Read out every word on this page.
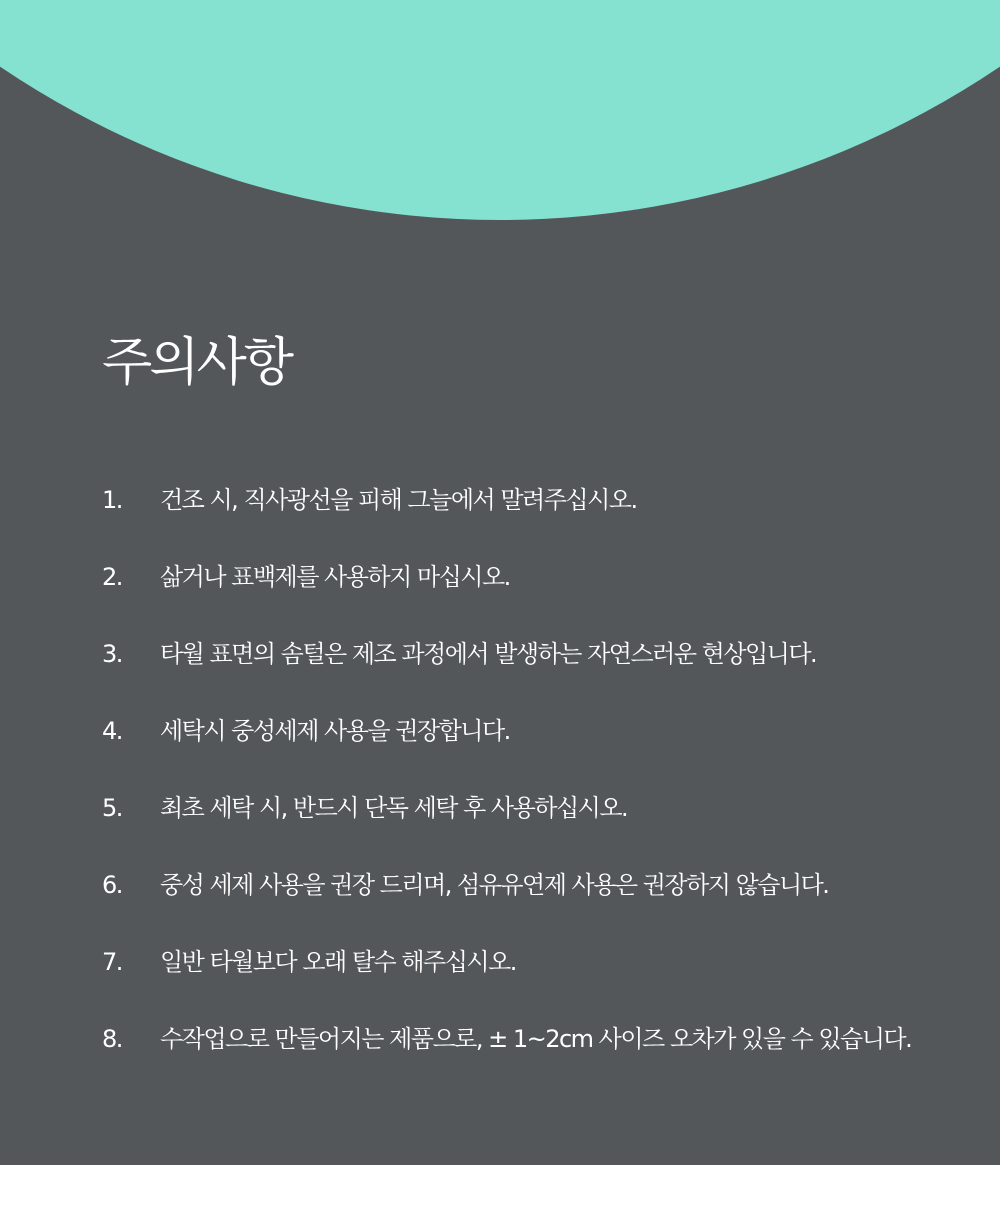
주의사항
1.	건조 시, 직사광선을 피해 그늘에서 말려주십시오.
2.	삶거나 표백제를 사용하지 마십시오.
3.	타월 표면의 솜털은 제조 과정에서 발생하는 자연스러운 현상입니다.
4.	세탁시 중성세제 사용을 권장합니다.
5.	최초 세탁 시, 반드시 단독 세탁 후 사용하십시오.
6.	중성 세제 사용을 권장 드리며, 섬유유연제 사용은 권장하지 않습니다.
7.	일반 타월보다 오래 탈수 해주십시오.
8.	수작업으로 만들어지는 제품으로, ± 1~2cm 사이즈 오차가 있을 수 있습니다.
